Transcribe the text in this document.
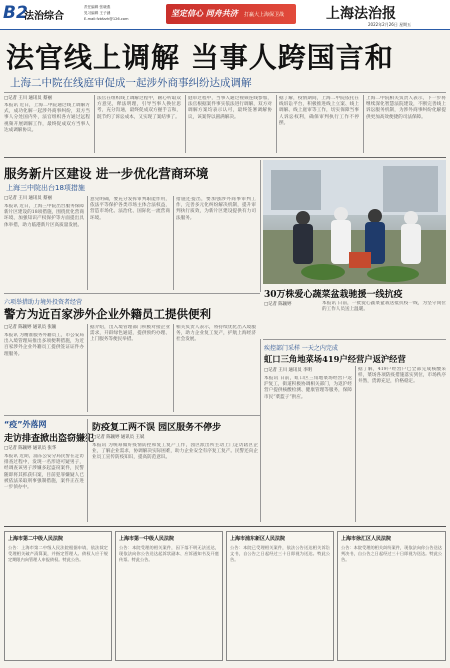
B2
法治综合
责任编辑 张晓燕
见习编辑 王子涵
E-mail:fzbfzzh@126.com
坚定信心 同舟共济 打赢大上海保卫战	上海法治报
2022年2月26日 星期五
法官线上调解 当事人跨国言和
上海二中院在线庭审促成一起涉外商事纠纷达成调解
□记者 王川 通讯员 蔡丽
本报讯 近日，上海二中院通过线上调解方式，成功化解一起涉外商事纠纷，双方当事人分处国内外，法官组织各方通过远程视频开展调解工作，最终促成双方当事人达成调解协议。
法官在组织线上调解过程中，耐心听取双方意见，释法明理，引导当事人换位思考，充分沟通，最终促成双方握手言和，既节约了诉讼成本，又实现了案结事了。
庭审过程中，当事人通过视频连线参加，法官根据案件事实依法进行调解，双方对调解方案均表示认可，最终签署调解协议，该案得以圆满解决。
据了解，疫情期间，上海二中院依托在线诉讼平台，积极推进线上立案、线上调解、线上庭审等工作，切实保障当事人诉讼权利，确保审判执行工作不停摆。
上海二中院相关负责人表示，下一步将继续深化智慧法院建设，不断完善线上诉讼服务机制，为涉外商事纠纷化解提供更加高效便捷的司法保障。
服务新片区建设 进一步优化营商环境
上海三中院出台18项措施
□记者 王川 通讯员 蔡丽
本报讯 近日，上海三中院出台服务保障新片区建设的18项措施，围绕优化营商环境、加强知识产权保护等方面提出具体举措，助力临港新片区高质量发展。
意见明确，要充分发挥审判职能作用，依法平等保护各类市场主体合法权益，营造市场化、法治化、国际化一流营商环境。
措施还提出，要加强涉外商事审判工作，完善多元化纠纷解决机制，提升审判执行质效，为新片区建设提供有力司法服务。
30万株爱心蔬菜盆栽驰援一线抗疫
本报讯 日前，一批爱心蔬菜盆栽送抵抗疫一线，为坚守岗位的工作人员送上温暖。
□记者 陈颖婷
六项举措助力境外投资者经营
警方为近百家涉外企业外籍员工提供便利
□记者 陈颖婷 通讯员 张颖
本报讯 为精准服务外籍员工，市公安局出入境管理局推出多项便利措施，为近百家涉外企业外籍员工提供签证证件办理服务。
据介绍，出入境管理部门积极对接企业需求，开辟绿色通道，提供预约办理、上门服务等便民举措。
相关负责人表示，将持续优化出入境服务，助力企业复工复产，护航上海经济社会发展。
“疫”外落网
走访排查掀出盗窃嫌犯
□记者 陈颖婷 通讯员 张华
本报讯 近期，浦东公安分局民警在走访排查过程中，发现一名形迹可疑男子，经调查该男子涉嫌多起盗窃案件，民警随即将其抓获归案，目前犯罪嫌疑人已被依法采取刑事强制措施，案件正在进一步侦办中。
防疫复工两不误 园区服务不停步
□记者 陈颖婷 通讯员 王斌
本报讯 为统筹做好疫情防控和复工复产工作，园区派出所主动上门走访辖区企业，了解企业需求，协调解决实际困难，助力企业安全有序复工复产。民警还向企业员工宣传防疫知识，提高防范意识。
疾控部门采样 一天之内完成
虹口三角地菜场419户经营户返沪经营
□记者 王川 通讯员 李明
本报讯 日前，虹口区三角地菜场经营户返沪复工，街道积极协调相关部门，为返沪经营户提供核酸检测、健康管理等服务，保障市民“菜篮子”供应。
据了解，419户经营户已全部完成核酸采样，菜场各项防疫措施落实到位，市场秩序井然，货源充足，价格稳定。
上海市第二中级人民法院
公告：上海市第二中级人民法院根据申请，依法裁定受理相关破产清算案，并指定管理人。债权人应于规定期限内向管理人申报债权。特此公告。
上海市第一中级人民法院
公告：本院受理的相关案件，因下落不明无法送达，现依法向你公告送达起诉状副本、应诉通知书及开庭传票。特此公告。
上海市浦东新区人民法院
公告：本院已受理相关案件，依法公告送达相关诉讼文书，自公告之日起经过三十日即视为送达。特此公告。
上海市徐汇区人民法院
公告：本院受理的相关纠纷案件，现依法向你公告送达判决书，自公告之日起经过三十日即视为送达。特此公告。
